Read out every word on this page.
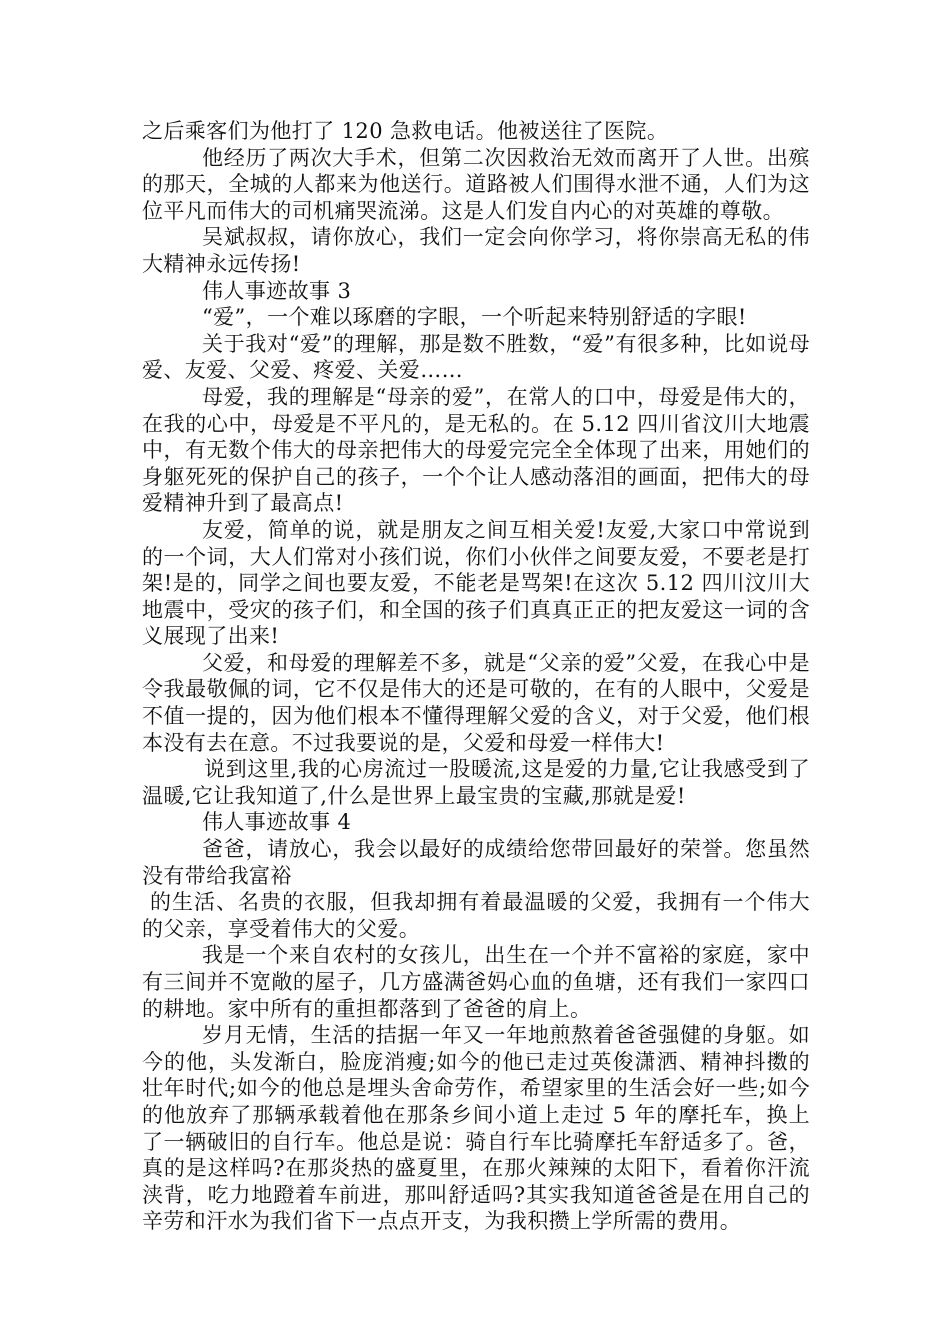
之后乘客们为他打了 120 急救电话。他被送往了医院。

他经历了两次大手术，但第二次因救治无效而离开了人世。出殡的那天，全城的人都来为他送行。道路被人们围得水泄不通，人们为这位平凡而伟大的司机痛哭流涕。这是人们发自内心的对英雄的尊敬。

吴斌叔叔，请你放心，我们一定会向你学习，将你崇高无私的伟大精神永远传扬!

伟人事迹故事 3

“爱”，一个难以琢磨的字眼，一个听起来特别舒适的字眼!

关于我对“爱”的理解，那是数不胜数，“爱”有很多种，比如说母爱、友爱、父爱、疼爱、关爱……

母爱，我的理解是“母亲的爱”，在常人的口中，母爱是伟大的，在我的心中，母爱是不平凡的，是无私的。在 5.12 四川省汶川大地震中，有无数个伟大的母亲把伟大的母爱完完全全体现了出来，用她们的身躯死死的保护自己的孩子，一个个让人感动落泪的画面，把伟大的母爱精神升到了最高点!

友爱，简单的说，就是朋友之间互相关爱!友爱,大家口中常说到的一个词，大人们常对小孩们说，你们小伙伴之间要友爱，不要老是打架!是的，同学之间也要友爱，不能老是骂架!在这次 5.12 四川汶川大地震中，受灾的孩子们，和全国的孩子们真真正正的把友爱这一词的含义展现了出来!

父爱，和母爱的理解差不多，就是“父亲的爱”父爱，在我心中是令我最敬佩的词，它不仅是伟大的还是可敬的，在有的人眼中，父爱是不值一提的，因为他们根本不懂得理解父爱的含义，对于父爱，他们根本没有去在意。不过我要说的是，父爱和母爱一样伟大!

说到这里,我的心房流过一股暖流,这是爱的力量,它让我感受到了温暖,它让我知道了,什么是世界上最宝贵的宝藏,那就是爱!

伟人事迹故事 4

爸爸，请放心，我会以最好的成绩给您带回最好的荣誉。您虽然没有带给我富裕

的生活、名贵的衣服，但我却拥有着最温暖的父爱，我拥有一个伟大的父亲，享受着伟大的父爱。

我是一个来自农村的女孩儿，出生在一个并不富裕的家庭，家中有三间并不宽敞的屋子，几方盛满爸妈心血的鱼塘，还有我们一家四口的耕地。家中所有的重担都落到了爸爸的肩上。

岁月无情，生活的拮据一年又一年地煎熬着爸爸强健的身躯。如今的他，头发渐白，脸庞消瘦;如今的他已走过英俊潇洒、精神抖擞的壮年时代;如今的他总是埋头舍命劳作，希望家里的生活会好一些;如今的他放弃了那辆承载着他在那条乡间小道上走过 5 年的摩托车，换上了一辆破旧的自行车。他总是说：骑自行车比骑摩托车舒适多了。爸，真的是这样吗?在那炎热的盛夏里，在那火辣辣的太阳下，看着你汗流浃背，吃力地蹬着车前进，那叫舒适吗?其实我知道爸爸是在用自己的辛劳和汗水为我们省下一点点开支，为我积攒上学所需的费用。
